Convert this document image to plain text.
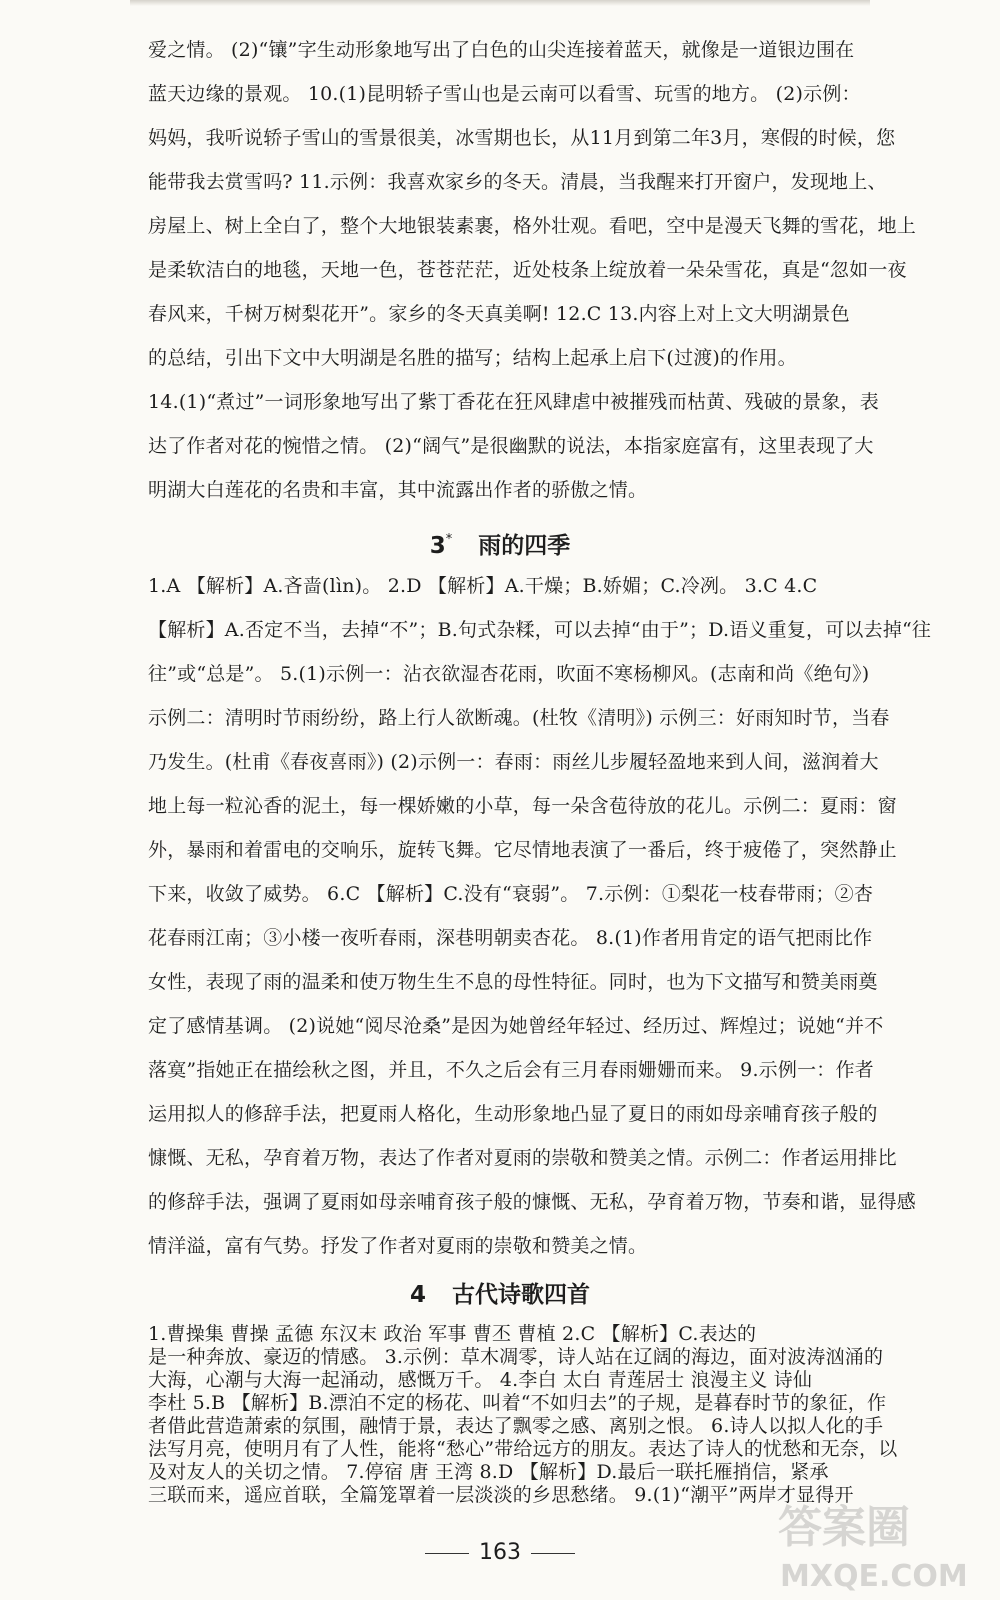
爱之情。 (2)“镶”字生动形象地写出了白色的山尖连接着蓝天，就像是一道银边围在
蓝天边缘的景观。 10.(1)昆明轿子雪山也是云南可以看雪、玩雪的地方。 (2)示例：
妈妈，我听说轿子雪山的雪景很美，冰雪期也长，从11月到第二年3月，寒假的时候，您
能带我去赏雪吗? 11.示例：我喜欢家乡的冬天。清晨，当我醒来打开窗户，发现地上、
房屋上、树上全白了，整个大地银装素裹，格外壮观。看吧，空中是漫天飞舞的雪花，地上
是柔软洁白的地毯，天地一色，苍苍茫茫，近处枝条上绽放着一朵朵雪花，真是“忽如一夜
春风来，千树万树梨花开”。家乡的冬天真美啊! 12.C 13.内容上对上文大明湖景色
的总结，引出下文中大明湖是名胜的描写；结构上起承上启下(过渡)的作用。
14.(1)“煮过”一词形象地写出了紫丁香花在狂风肆虐中被摧残而枯黄、残破的景象，表
达了作者对花的惋惜之情。 (2)“阔气”是很幽默的说法，本指家庭富有，这里表现了大
明湖大白莲花的名贵和丰富，其中流露出作者的骄傲之情。
3* 雨的四季
1.A 【解析】A.吝啬(lìn)。 2.D 【解析】A.干燥；B.娇媚；C.冷冽。 3.C 4.C
【解析】A.否定不当，去掉“不”；B.句式杂糅，可以去掉“由于”；D.语义重复，可以去掉“往
往”或“总是”。 5.(1)示例一：沾衣欲湿杏花雨，吹面不寒杨柳风。(志南和尚《绝句》)
示例二：清明时节雨纷纷，路上行人欲断魂。(杜牧《清明》) 示例三：好雨知时节，当春
乃发生。(杜甫《春夜喜雨》) (2)示例一：春雨：雨丝儿步履轻盈地来到人间，滋润着大
地上每一粒沁香的泥土，每一棵娇嫩的小草，每一朵含苞待放的花儿。示例二：夏雨：窗
外，暴雨和着雷电的交响乐，旋转飞舞。它尽情地表演了一番后，终于疲倦了，突然静止
下来，收敛了威势。 6.C 【解析】C.没有“衰弱”。 7.示例：①梨花一枝春带雨；②杏
花春雨江南；③小楼一夜听春雨，深巷明朝卖杏花。 8.(1)作者用肯定的语气把雨比作
女性，表现了雨的温柔和使万物生生不息的母性特征。同时，也为下文描写和赞美雨奠
定了感情基调。 (2)说她“阅尽沧桑”是因为她曾经年轻过、经历过、辉煌过；说她“并不
落寞”指她正在描绘秋之图，并且，不久之后会有三月春雨姗姗而来。 9.示例一：作者
运用拟人的修辞手法，把夏雨人格化，生动形象地凸显了夏日的雨如母亲哺育孩子般的
慷慨、无私，孕育着万物，表达了作者对夏雨的崇敬和赞美之情。示例二：作者运用排比
的修辞手法，强调了夏雨如母亲哺育孩子般的慷慨、无私，孕育着万物，节奏和谐，显得感
情洋溢，富有气势。抒发了作者对夏雨的崇敬和赞美之情。
4 古代诗歌四首
1.曹操集 曹操 孟德 东汉末 政治 军事 曹丕 曹植 2.C 【解析】C.表达的
是一种奔放、豪迈的情感。 3.示例：草木凋零，诗人站在辽阔的海边，面对波涛汹涌的
大海，心潮与大海一起涌动，感慨万千。 4.李白 太白 青莲居士 浪漫主义 诗仙
李杜 5.B 【解析】B.漂泊不定的杨花、叫着“不如归去”的子规，是暮春时节的象征，作
者借此营造萧索的氛围，融情于景，表达了飘零之感、离别之恨。 6.诗人以拟人化的手
法写月亮，使明月有了人性，能将“愁心”带给远方的朋友。表达了诗人的忧愁和无奈，以
及对友人的关切之情。 7.停宿 唐 王湾 8.D 【解析】D.最后一联托雁捎信，紧承
三联而来，遥应首联，全篇笼罩着一层淡淡的乡思愁绪。 9.(1)“潮平”两岸才显得开
163	答案圈
MXQE.COM
